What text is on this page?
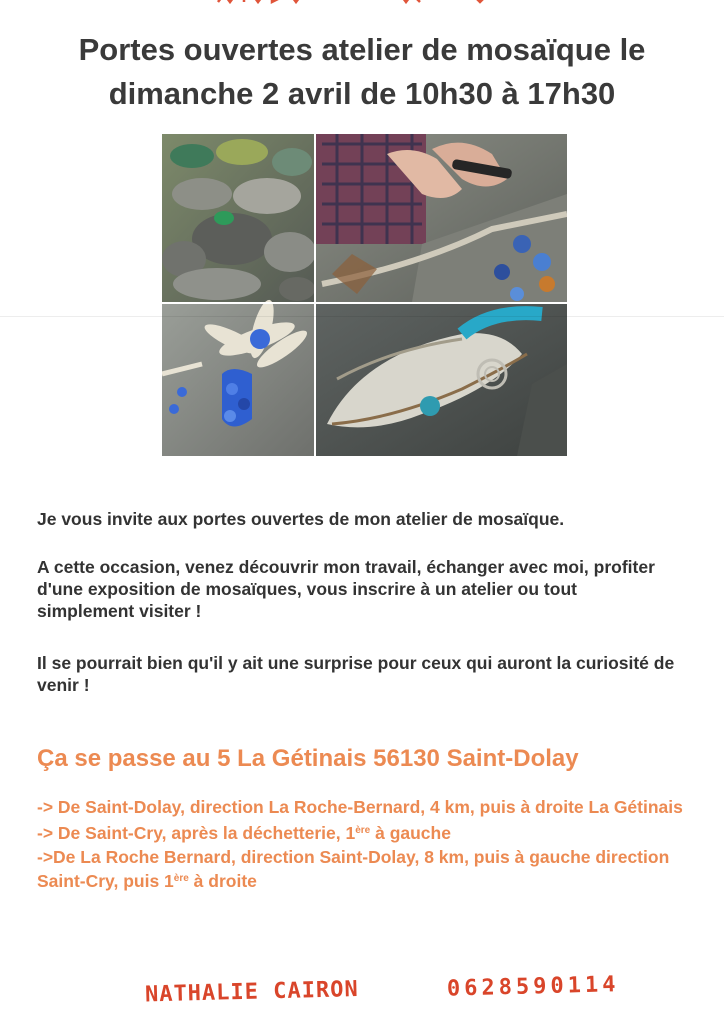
Portes ouvertes atelier de mosaïque le
dimanche 2 avril de 10h30 à 17h30

Je vous invite aux portes ouvertes de mon atelier de mosaïque.

A cette occasion, venez découvrir mon travail, échanger avec moi, profiter d'une exposition de mosaïques, vous inscrire à un atelier ou tout simplement visiter !

Il se pourrait bien qu'il y ait une surprise pour ceux qui auront la curiosité de venir !

Ça se passe au 5 La Gétinais 56130 Saint-Dolay

-> De Saint-Dolay, direction La Roche-Bernard, 4 km, puis à droite La Gétinais
-> De Saint-Cry, après la déchetterie, 1ère à gauche
->De La Roche Bernard, direction Saint-Dolay, 8 km, puis à gauche direction Saint-Cry, puis 1ère à droite
NATHALIE CAIRON	0628590114
